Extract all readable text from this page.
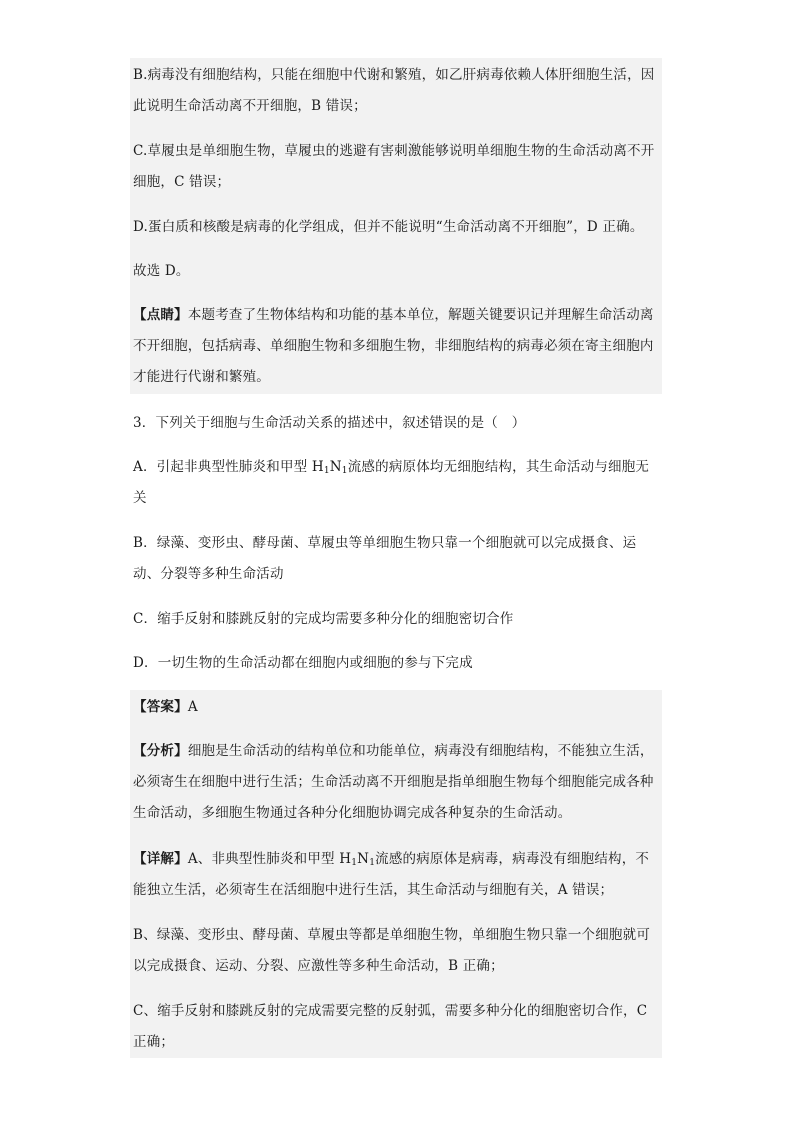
B.病毒没有细胞结构，只能在细胞中代谢和繁殖，如乙肝病毒依赖人体肝细胞生活，因此说明生命活动离不开细胞，B 错误；
C.草履虫是单细胞生物，草履虫的逃避有害刺激能够说明单细胞生物的生命活动离不开细胞，C 错误；
D.蛋白质和核酸是病毒的化学组成，但并不能说明“生命活动离不开细胞”，D 正确。
故选 D。
【点睛】本题考查了生物体结构和功能的基本单位，解题关键要识记并理解生命活动离不开细胞，包括病毒、单细胞生物和多细胞生物，非细胞结构的病毒必须在寄主细胞内才能进行代谢和繁殖。
3．下列关于细胞与生命活动关系的描述中，叙述错误的是（　）
A．引起非典型性肺炎和甲型 $H_1N_1$流感的病原体均无细胞结构，其生命活动与细胞无关
B．绿藻、变形虫、酵母菌、草履虫等单细胞生物只靠一个细胞就可以完成摄食、运动、分裂等多种生命活动
C．缩手反射和膝跳反射的完成均需要多种分化的细胞密切合作
D．一切生物的生命活动都在细胞内或细胞的参与下完成
【答案】A
【分析】细胞是生命活动的结构单位和功能单位，病毒没有细胞结构，不能独立生活，必须寄生在细胞中进行生活；生命活动离不开细胞是指单细胞生物每个细胞能完成各种生命活动，多细胞生物通过各种分化细胞协调完成各种复杂的生命活动。
【详解】A、非典型性肺炎和甲型 $H_1N_1$流感的病原体是病毒，病毒没有细胞结构，不能独立生活，必须寄生在活细胞中进行生活，其生命活动与细胞有关，A 错误；
B、绿藻、变形虫、酵母菌、草履虫等都是单细胞生物，单细胞生物只靠一个细胞就可以完成摄食、运动、分裂、应激性等多种生命活动，B 正确；
C、缩手反射和膝跳反射的完成需要完整的反射弧，需要多种分化的细胞密切合作，C 正确；
